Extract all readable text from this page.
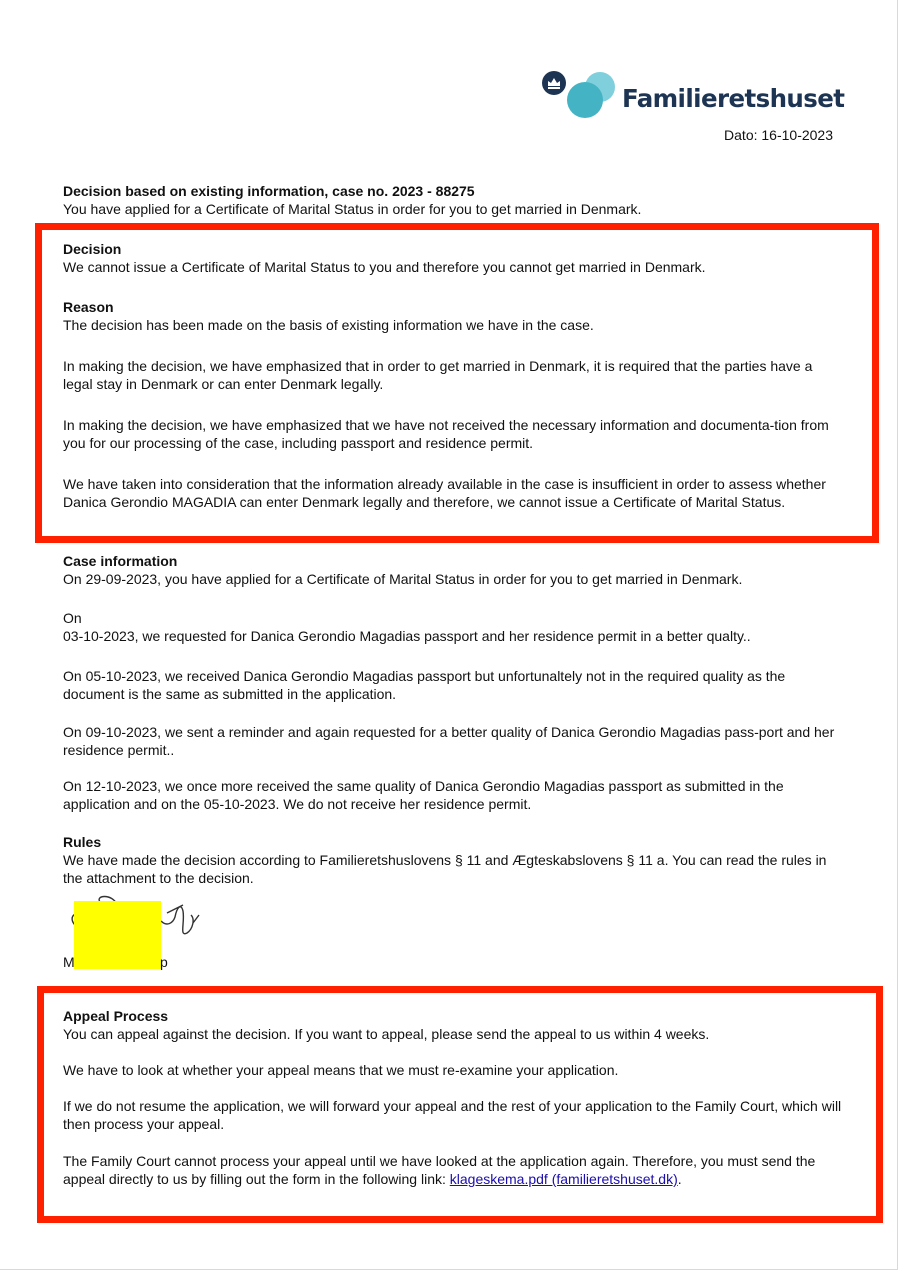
Familieretshuset
Dato: 16-10-2023

Decision based on existing information, case no. 2023 - 88275

You have applied for a Certificate of Marital Status in order for you to get married in Denmark.

Decision

We cannot issue a Certificate of Marital Status to you and therefore you cannot get married in Denmark.

Reason

The decision has been made on the basis of existing information we have in the case.

In making the decision, we have emphasized that in order to get married in Denmark, it is required that the parties have a legal stay in Denmark or can enter Denmark legally.

In making the decision, we have emphasized that we have not received the necessary information and documenta-tion from you for our processing of the case, including passport and residence permit.

We have taken into consideration that the information already available in the case is insufficient in order to assess whether Danica Gerondio MAGADIA can enter Denmark legally and therefore, we cannot issue a Certificate of Marital Status.

Case information

On 29-09-2023, you have applied for a Certificate of Marital Status in order for you to get married in Denmark.

On

03-10-2023, we requested for Danica Gerondio Magadias passport and her residence permit in a better qualty..

On 05-10-2023, we received Danica Gerondio Magadias passport but unfortunaltely not in the required quality as the document is the same as submitted in the application.

On 09-10-2023, we sent a reminder and again requested for a better quality of Danica Gerondio Magadias pass-port and her residence permit..

On 12-10-2023, we once more received the same quality of Danica Gerondio Magadias passport as submitted in the application and on the 05-10-2023. We do not receive her residence permit.

Rules

We have made the decision according to Familieretshuslovens § 11 and Ægteskabslovens § 11 a. You can read the rules in the attachment to the decision.

M	p

Appeal Process

You can appeal against the decision. If you want to appeal, please send the appeal to us within 4 weeks.

We have to look at whether your appeal means that we must re-examine your application.

If we do not resume the application, we will forward your appeal and the rest of your application to the Family Court, which will then process your appeal.

The Family Court cannot process your appeal until we have looked at the application again. Therefore, you must send the appeal directly to us by filling out the form in the following link: klageskema.pdf (familieretshuset.dk).
